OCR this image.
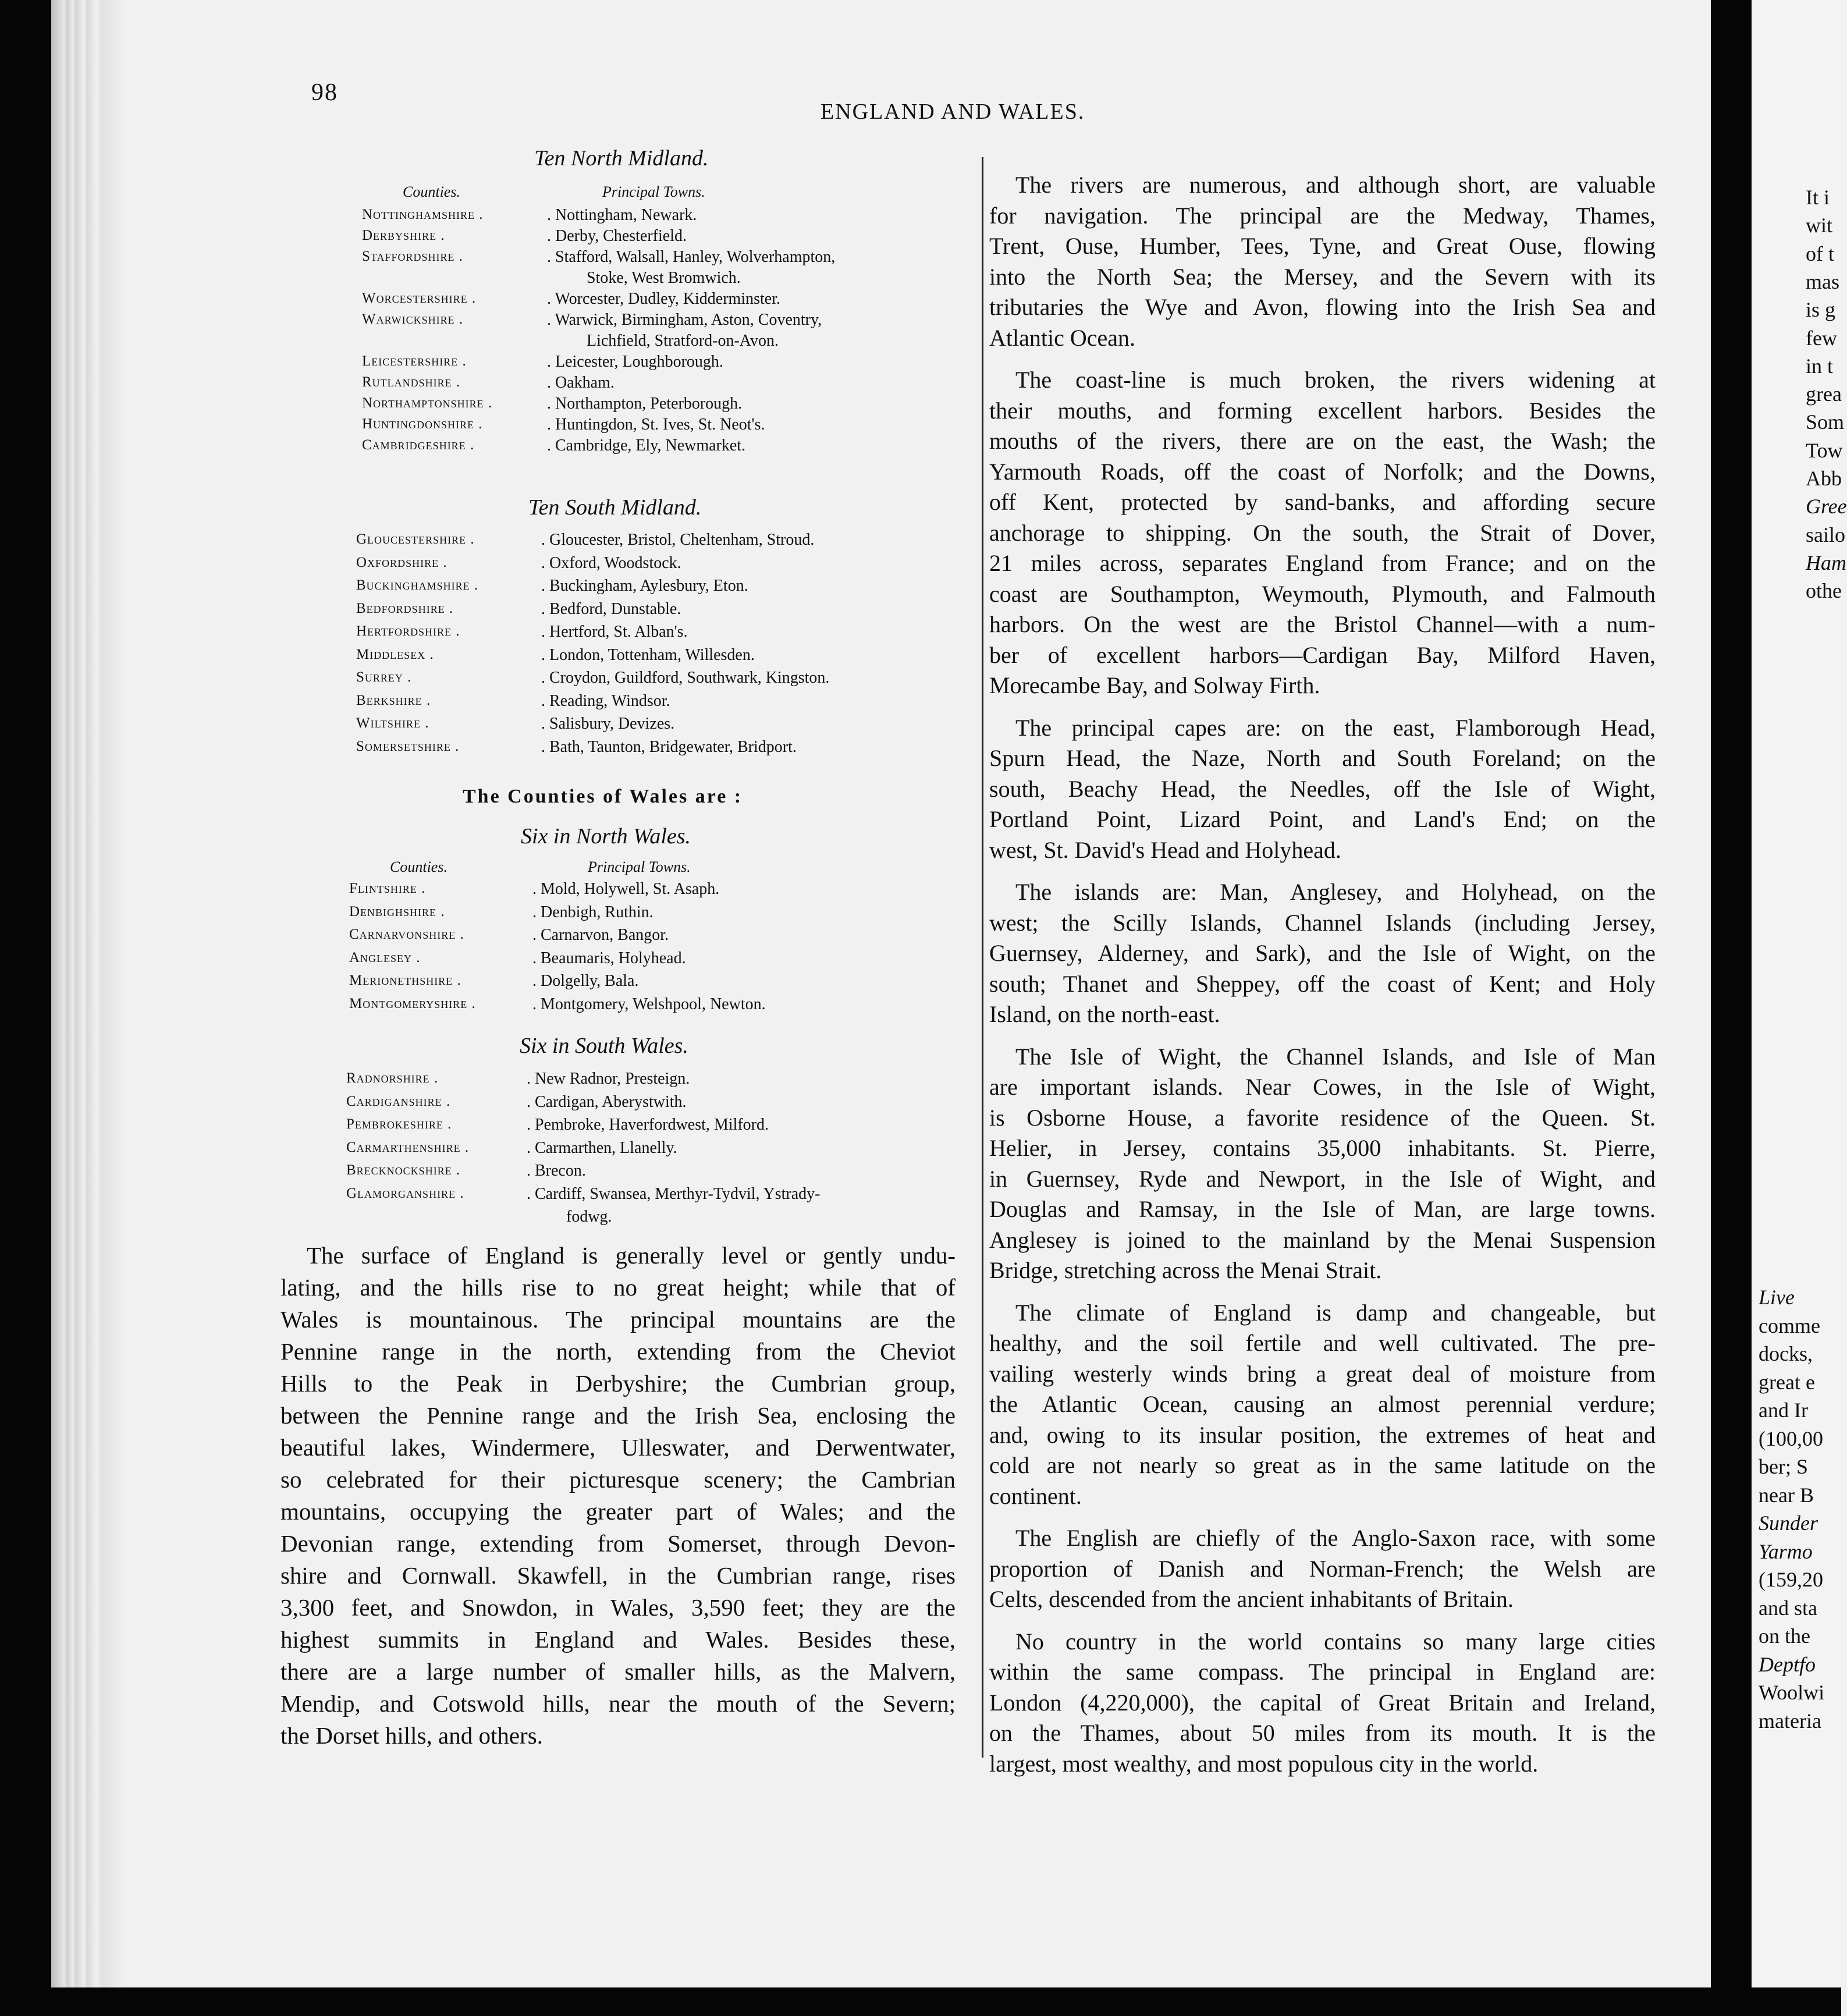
98
ENGLAND AND WALES.
The Counties of Wales are :
The surface of England is generally level or gently undu-
lating, and the hills rise to no great height; while that of
Wales is mountainous. The principal mountains are the
Pennine range in the north, extending from the Cheviot
Hills to the Peak in Derbyshire; the Cumbrian group,
between the Pennine range and the Irish Sea, enclosing the
beautiful lakes, Windermere, Ulleswater, and Derwentwater,
so celebrated for their picturesque scenery; the Cambrian
mountains, occupying the greater part of Wales; and the
Devonian range, extending from Somerset, through Devon-
shire and Cornwall. Skawfell, in the Cumbrian range, rises
3,300 feet, and Snowdon, in Wales, 3,590 feet; they are the
highest summits in England and Wales. Besides these,
there are a large number of smaller hills, as the Malvern,
Mendip, and Cotswold hills, near the mouth of the Severn;
the Dorset hills, and others.
The rivers are numerous, and although short, are valuable
for navigation. The principal are the Medway, Thames,
Trent, Ouse, Humber, Tees, Tyne, and Great Ouse, flowing
into the North Sea; the Mersey, and the Severn with its
tributaries the Wye and Avon, flowing into the Irish Sea and
Atlantic Ocean.
The coast-line is much broken, the rivers widening at
their mouths, and forming excellent harbors. Besides the
mouths of the rivers, there are on the east, the Wash; the
Yarmouth Roads, off the coast of Norfolk; and the Downs,
off Kent, protected by sand-banks, and affording secure
anchorage to shipping. On the south, the Strait of Dover,
21 miles across, separates England from France; and on the
coast are Southampton, Weymouth, Plymouth, and Falmouth
harbors. On the west are the Bristol Channel—with a num-
ber of excellent harbors—Cardigan Bay, Milford Haven,
Morecambe Bay, and Solway Firth.
The principal capes are: on the east, Flamborough Head,
Spurn Head, the Naze, North and South Foreland; on the
south, Beachy Head, the Needles, off the Isle of Wight,
Portland Point, Lizard Point, and Land's End; on the
west, St. David's Head and Holyhead.
The islands are: Man, Anglesey, and Holyhead, on the
west; the Scilly Islands, Channel Islands (including Jersey,
Guernsey, Alderney, and Sark), and the Isle of Wight, on the
south; Thanet and Sheppey, off the coast of Kent; and Holy
Island, on the north-east.
The Isle of Wight, the Channel Islands, and Isle of Man
are important islands. Near Cowes, in the Isle of Wight,
is Osborne House, a favorite residence of the Queen. St.
Helier, in Jersey, contains 35,000 inhabitants. St. Pierre,
in Guernsey, Ryde and Newport, in the Isle of Wight, and
Douglas and Ramsay, in the Isle of Man, are large towns.
Anglesey is joined to the mainland by the Menai Suspension
Bridge, stretching across the Menai Strait.
The climate of England is damp and changeable, but
healthy, and the soil fertile and well cultivated. The pre-
vailing westerly winds bring a great deal of moisture from
the Atlantic Ocean, causing an almost perennial verdure;
and, owing to its insular position, the extremes of heat and
cold are not nearly so great as in the same latitude on the
continent.
The English are chiefly of the Anglo-Saxon race, with some
proportion of Danish and Norman-French; the Welsh are
Celts, descended from the ancient inhabitants of Britain.
No country in the world contains so many large cities
within the same compass. The principal in England are:
London (4,220,000), the capital of Great Britain and Ireland,
on the Thames, about 50 miles from its mouth. It is the
largest, most wealthy, and most populous city in the world.
It i
wit
of t
mas
is g
few
in t
grea
Som
Tow
Abb
Gree
sailo
Ham
othe
Live
comme
docks,
great e
and Ir
(100,00
ber; S
near B
Sunder
Yarmo
(159,20
and sta
on the
Deptfo
Woolwi
materia
Ten North Midland.
Counties.	Principal Towns.
Nottinghamshire .	. Nottingham, Newark.
Derbyshire .	. Derby, Chesterfield.
Staffordshire .	. Stafford, Walsall, Hanley, Wolverhampton,
Stoke, West Bromwich.
Worcestershire .	. Worcester, Dudley, Kidderminster.
Warwickshire .	. Warwick, Birmingham, Aston, Coventry,
Lichfield, Stratford-on-Avon.
Leicestershire .	. Leicester, Loughborough.
Rutlandshire .	. Oakham.
Northamptonshire .	. Northampton, Peterborough.
Huntingdonshire .	. Huntingdon, St. Ives, St. Neot's.
Cambridgeshire .	. Cambridge, Ely, Newmarket.
Ten South Midland.
Gloucestershire .	. Gloucester, Bristol, Cheltenham, Stroud.
Oxfordshire .	. Oxford, Woodstock.
Buckinghamshire .	. Buckingham, Aylesbury, Eton.
Bedfordshire .	. Bedford, Dunstable.
Hertfordshire .	. Hertford, St. Alban's.
Middlesex .	. London, Tottenham, Willesden.
Surrey .	. Croydon, Guildford, Southwark, Kingston.
Berkshire .	. Reading, Windsor.
Wiltshire .	. Salisbury, Devizes.
Somersetshire .	. Bath, Taunton, Bridgewater, Bridport.
Six in North Wales.
Counties.	Principal Towns.
Flintshire .	. Mold, Holywell, St. Asaph.
Denbighshire .	. Denbigh, Ruthin.
Carnarvonshire .	. Carnarvon, Bangor.
Anglesey .	. Beaumaris, Holyhead.
Merionethshire .	. Dolgelly, Bala.
Montgomeryshire .	. Montgomery, Welshpool, Newton.
Six in South Wales.
Radnorshire .	. New Radnor, Presteign.
Cardiganshire .	. Cardigan, Aberystwith.
Pembrokeshire .	. Pembroke, Haverfordwest, Milford.
Carmarthenshire .	. Carmarthen, Llanelly.
Brecknockshire .	. Brecon.
Glamorganshire .	. Cardiff, Swansea, Merthyr-Tydvil, Ystrady-
fodwg.
